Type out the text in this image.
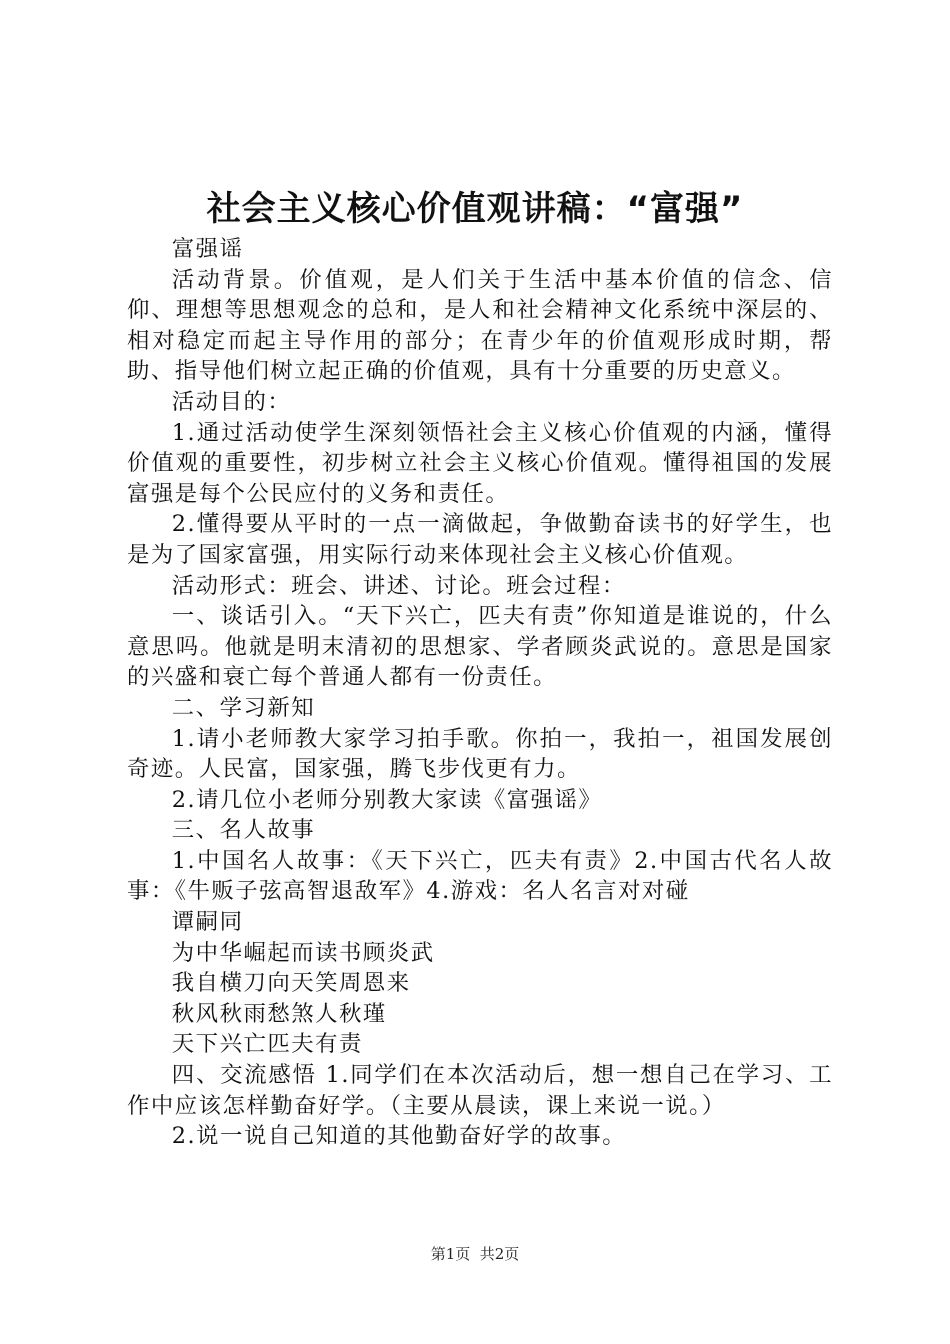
社会主义核心价值观讲稿：“富强”

富强谣

活动背景。价值观，是人们关于生活中基本价值的信念、信仰、理想等思想观念的总和，是人和社会精神文化系统中深层的、相对稳定而起主导作用的部分；在青少年的价值观形成时期，帮助、指导他们树立起正确的价值观，具有十分重要的历史意义。

活动目的：

1.通过活动使学生深刻领悟社会主义核心价值观的内涵，懂得价值观的重要性，初步树立社会主义核心价值观。懂得祖国的发展富强是每个公民应付的义务和责任。

2.懂得要从平时的一点一滴做起，争做勤奋读书的好学生，也是为了国家富强，用实际行动来体现社会主义核心价值观。

活动形式：班会、讲述、讨论。班会过程：

一、谈话引入。“天下兴亡，匹夫有责”你知道是谁说的，什么意思吗。他就是明末清初的思想家、学者顾炎武说的。意思是国家的兴盛和衰亡每个普通人都有一份责任。

二、学习新知

1.请小老师教大家学习拍手歌。你拍一，我拍一，祖国发展创奇迹。人民富，国家强，腾飞步伐更有力。

2.请几位小老师分别教大家读《富强谣》

三、名人故事

1.中国名人故事：《天下兴亡，匹夫有责》2.中国古代名人故事：《牛贩子弦高智退敌军》4.游戏：名人名言对对碰

谭嗣同

为中华崛起而读书顾炎武

我自横刀向天笑周恩来

秋风秋雨愁煞人秋瑾

天下兴亡匹夫有责

四、交流感悟 1.同学们在本次活动后，想一想自己在学习、工作中应该怎样勤奋好学。（主要从晨读，课上来说一说。）

2.说一说自己知道的其他勤奋好学的故事。

第1页  共2页
